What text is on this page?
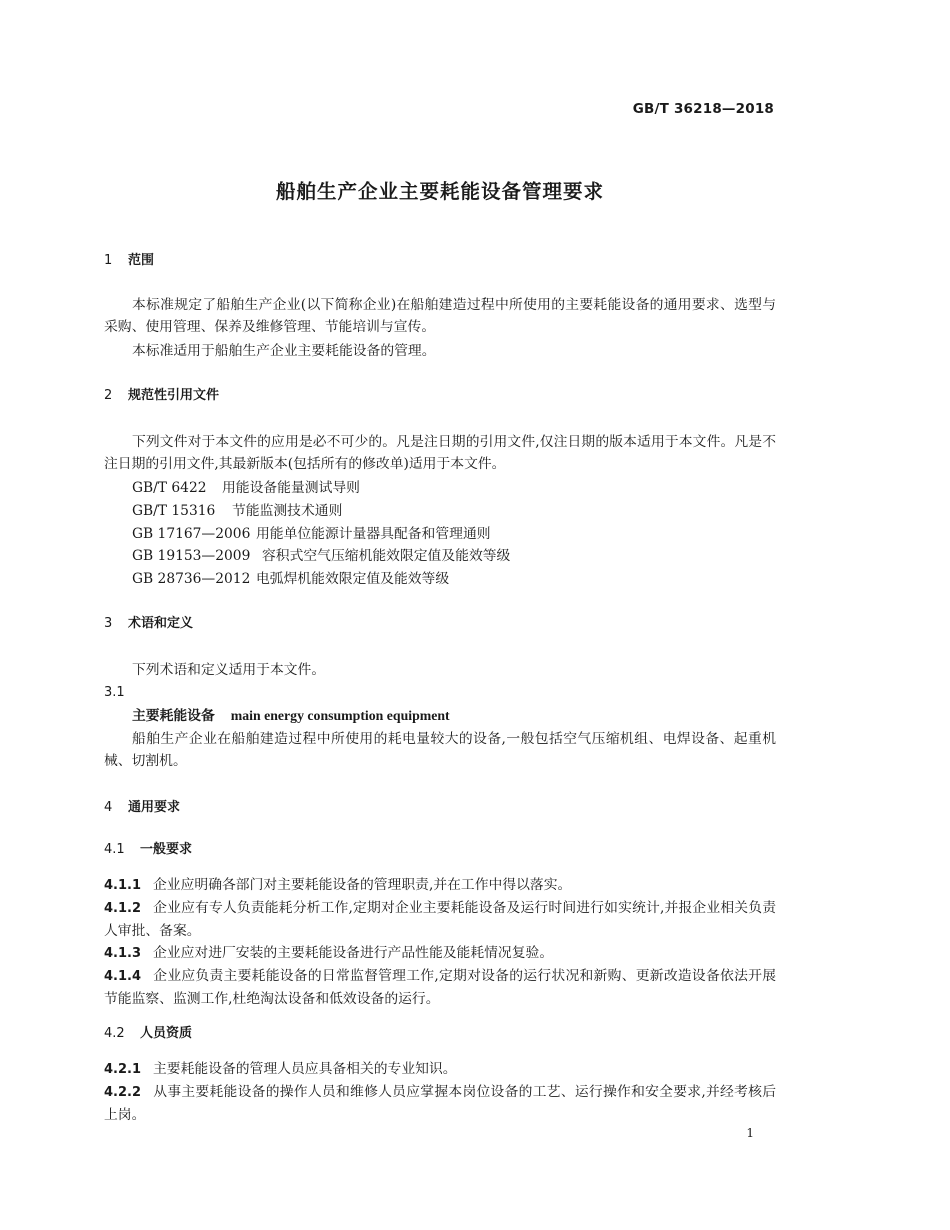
GB/T 36218—2018
船舶生产企业主要耗能设备管理要求
1 范围
本标准规定了船舶生产企业(以下简称企业)在船舶建造过程中所使用的主要耗能设备的通用要求、选型与采购、使用管理、保养及维修管理、节能培训与宣传。
本标准适用于船舶生产企业主要耗能设备的管理。
2 规范性引用文件
下列文件对于本文件的应用是必不可少的。凡是注日期的引用文件,仅注日期的版本适用于本文件。凡是不注日期的引用文件,其最新版本(包括所有的修改单)适用于本文件。
GB/T 6422 用能设备能量测试导则
GB/T 15316 节能监测技术通则
GB 17167—2006 用能单位能源计量器具配备和管理通则
GB 19153—2009 容积式空气压缩机能效限定值及能效等级
GB 28736—2012 电弧焊机能效限定值及能效等级
3 术语和定义
下列术语和定义适用于本文件。
3.1
主要耗能设备 main energy consumption equipment
船舶生产企业在船舶建造过程中所使用的耗电量较大的设备,一般包括空气压缩机组、电焊设备、起重机械、切割机。
4 通用要求
4.1 一般要求
4.1.1 企业应明确各部门对主要耗能设备的管理职责,并在工作中得以落实。
4.1.2 企业应有专人负责能耗分析工作,定期对企业主要耗能设备及运行时间进行如实统计,并报企业相关负责人审批、备案。
4.1.3 企业应对进厂安装的主要耗能设备进行产品性能及能耗情况复验。
4.1.4 企业应负责主要耗能设备的日常监督管理工作,定期对设备的运行状况和新购、更新改造设备依法开展节能监察、监测工作,杜绝淘汰设备和低效设备的运行。
4.2 人员资质
4.2.1 主要耗能设备的管理人员应具备相关的专业知识。
4.2.2 从事主要耗能设备的操作人员和维修人员应掌握本岗位设备的工艺、运行操作和安全要求,并经考核后上岗。
1
